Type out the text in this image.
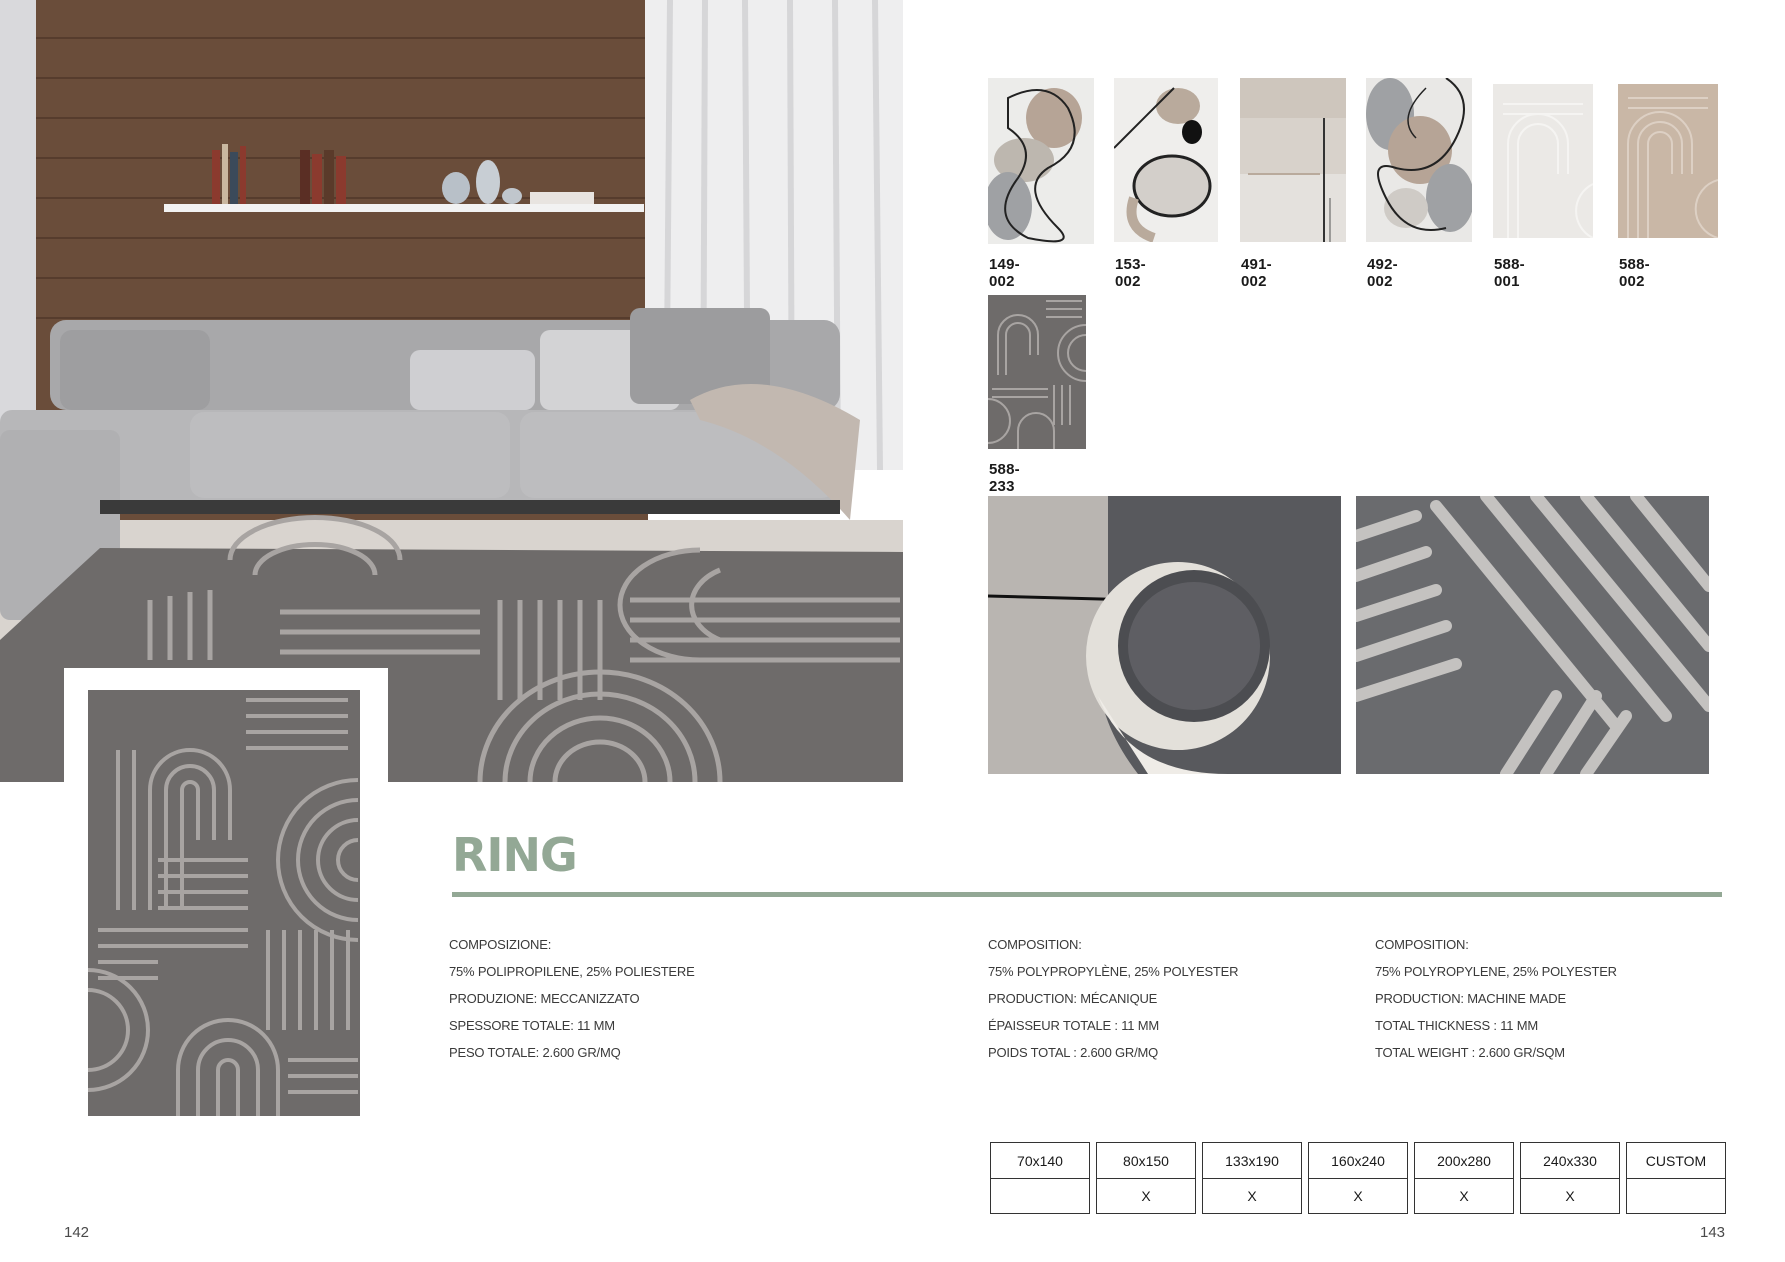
149-002
153-002
491-002
492-002
588-001
588-002
588-233
RING
COMPOSIZIONE:
75% POLIPROPILENE, 25% POLIESTERE
PRODUZIONE: MECCANIZZATO
SPESSORE TOTALE: 11 MM
PESO TOTALE: 2.600 GR/MQ
COMPOSITION:
75% POLYPROPYLÈNE, 25% POLYESTER
PRODUCTION: MÉCANIQUE
ÉPAISSEUR TOTALE : 11 MM
POIDS TOTAL : 2.600 GR/MQ
COMPOSITION:
75% POLYROPYLENE, 25% POLYESTER
PRODUCTION: MACHINE MADE
TOTAL THICKNESS : 11 MM
TOTAL WEIGHT : 2.600 GR/SQM
70x140	80x150
X
133x190
X
160x240
X
200x280
X
240x330
X
CUSTOM
142	143
